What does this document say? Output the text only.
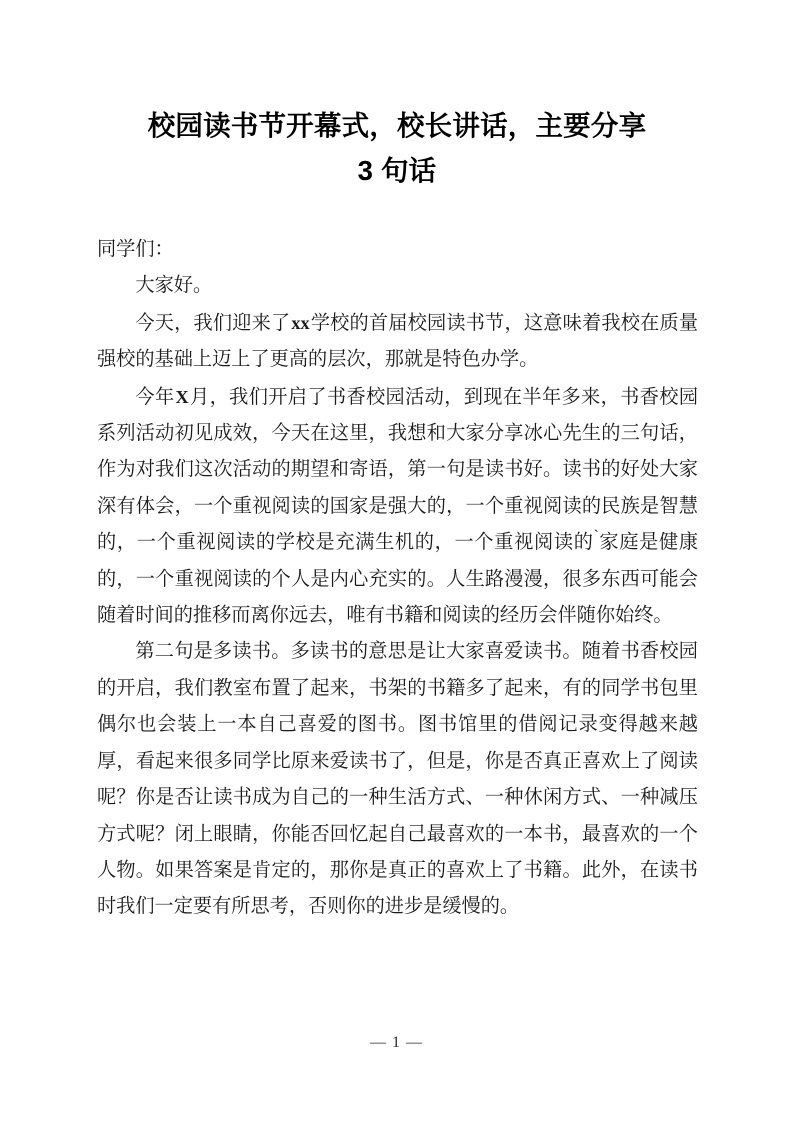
校园读书节开幕式，校长讲话，主要分享
3 句话

同学们：

大家好。

今天，我们迎来了xx学校的首届校园读书节，这意味着我校在质量强校的基础上迈上了更高的层次，那就是特色办学。

今年X月，我们开启了书香校园活动，到现在半年多来，书香校园系列活动初见成效，今天在这里，我想和大家分享冰心先生的三句话，作为对我们这次活动的期望和寄语，第一句是读书好。读书的好处大家深有体会，一个重视阅读的国家是强大的，一个重视阅读的民族是智慧的，一个重视阅读的学校是充满生机的，一个重视阅读的`家庭是健康的，一个重视阅读的个人是内心充实的。人生路漫漫，很多东西可能会随着时间的推移而离你远去，唯有书籍和阅读的经历会伴随你始终。

第二句是多读书。多读书的意思是让大家喜爱读书。随着书香校园的开启，我们教室布置了起来，书架的书籍多了起来，有的同学书包里偶尔也会装上一本自己喜爱的图书。图书馆里的借阅记录变得越来越厚，看起来很多同学比原来爱读书了，但是，你是否真正喜欢上了阅读呢？你是否让读书成为自己的一种生活方式、一种休闲方式、一种减压方式呢？闭上眼睛，你能否回忆起自己最喜欢的一本书，最喜欢的一个人物。如果答案是肯定的，那你是真正的喜欢上了书籍。此外，在读书时我们一定要有所思考，否则你的进步是缓慢的。

— 1 —
